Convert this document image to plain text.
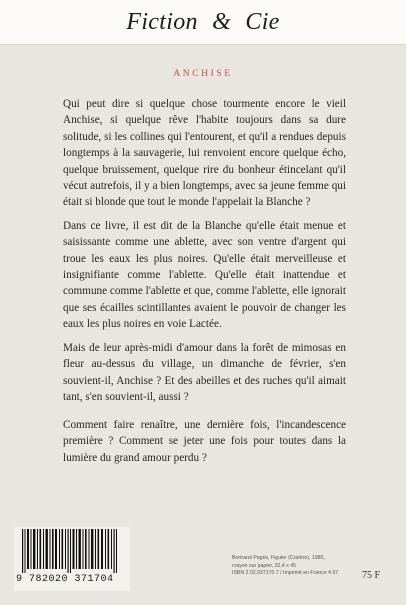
Fiction & Cie
ANCHISE

Qui peut dire si quelque chose tourmente encore le vieil Anchise, si quelque rêve l'habite toujours dans sa dure solitude, si les collines qui l'entourent, et qu'il a rendues depuis longtemps à la sauvagerie, lui renvoient encore quelque écho, quelque bruissement, quelque rire du bonheur étincelant qu'il vécut autrefois, il y a bien longtemps, avec sa jeune femme qui était si blonde que tout le monde l'appelait la Blanche ?

Dans ce livre, il est dit de la Blanche qu'elle était menue et saisissante comme une ablette, avec son ventre d'argent qui troue les eaux les plus noires. Qu'elle était merveilleuse et insignifiante comme l'ablette. Qu'elle était inattendue et commune comme l'ablette et que, comme l'ablette, elle ignorait que ses écailles scintillantes avaient le pouvoir de changer les eaux les plus noires en voie Lactée.

Mais de leur après-midi d'amour dans la forêt de mimosas en fleur au-dessus du village, un dimanche de février, s'en souvient-il, Anchise ? Et des abeilles et des ruches qu'il aimait tant, s'en souvient-il, aussi ?

Comment faire renaître, une dernière fois, l'incandescence première ? Comment se jeter une fois pour toutes dans la lumière du grand amour perdu ?

9 782020 371704
Bertrand Pagès, Figuier (Cratère), 1985,
crayon sur papier, 32,4 x 45
ISBN 2.02.037170.7 / Imprimé en France 4.97	75 F
